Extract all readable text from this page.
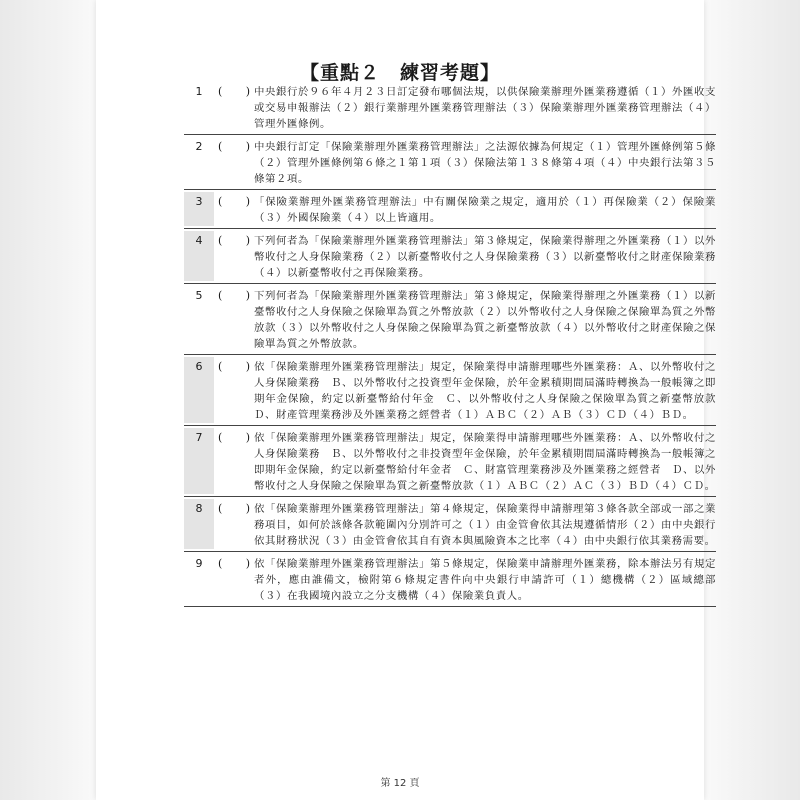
【重點２　練習考題】
1	( ) 中央銀行於９６年４月２３日訂定發布哪個法規，以供保險業辦理外匯業務遵循（１）外匯收支或交易申報辦法（２）銀行業辦理外匯業務管理辦法（３）保險業辦理外匯業務管理辦法（４）管理外匯條例。
2	( ) 中央銀行訂定「保險業辦理外匯業務管理辦法」之法源依據為何規定（１）管理外匯條例第５條（２）管理外匯條例第６條之１第１項（３）保險法第１３８條第４項（４）中央銀行法第３５條第２項。
3	( ) 「保險業辦理外匯業務管理辦法」中有關保險業之規定，適用於（１）再保險業（２）保險業（３）外國保險業（４）以上皆適用。
4	( ) 下列何者為「保險業辦理外匯業務管理辦法」第３條規定，保險業得辦理之外匯業務（１）以外幣收付之人身保險業務（２）以新臺幣收付之人身保險業務（３）以新臺幣收付之財產保險業務（４）以新臺幣收付之再保險業務。
5	( ) 下列何者為「保險業辦理外匯業務管理辦法」第３條規定，保險業得辦理之外匯業務（１）以新臺幣收付之人身保險之保險單為質之外幣放款（２）以外幣收付之人身保險之保險單為質之外幣放款（３）以外幣收付之人身保險之保險單為質之新臺幣放款（４）以外幣收付之財產保險之保險單為質之外幣放款。
6	( ) 依「保險業辦理外匯業務管理辦法」規定，保險業得申請辦理哪些外匯業務：Ａ、以外幣收付之人身保險業務　Ｂ、以外幣收付之投資型年金保險，於年金累積期間屆滿時轉換為一般帳簿之即期年金保險，約定以新臺幣給付年金　Ｃ、以外幣收付之人身保險之保險單為質之新臺幣放款　Ｄ、財產管理業務涉及外匯業務之經營者（１）ＡＢＣ（２）ＡＢ（３）ＣＤ（４）ＢＤ。
7	( ) 依「保險業辦理外匯業務管理辦法」規定，保險業得申請辦理哪些外匯業務：Ａ、以外幣收付之人身保險業務　Ｂ、以外幣收付之非投資型年金保險，於年金累積期間屆滿時轉換為一般帳簿之即期年金保險，約定以新臺幣給付年金者　Ｃ、財富管理業務涉及外匯業務之經營者　Ｄ、以外幣收付之人身保險之保險單為質之新臺幣放款（１）ＡＢＣ（２）ＡＣ（３）ＢＤ（４）ＣＤ。
8	( ) 依「保險業辦理外匯業務管理辦法」第４條規定，保險業得申請辦理第３條各款全部或一部之業務項目，如何於該條各款範圍內分別許可之（１）由金管會依其法規遵循情形（２）由中央銀行依其財務狀況（３）由金管會依其自有資本與風險資本之比率（４）由中央銀行依其業務需要。
9	( ) 依「保險業辦理外匯業務管理辦法」第５條規定，保險業申請辦理外匯業務，除本辦法另有規定者外，應由誰備文，檢附第６條規定書件向中央銀行申請許可（１）總機構（２）區域總部（３）在我國境內設立之分支機構（４）保險業負責人。
第 12 頁
